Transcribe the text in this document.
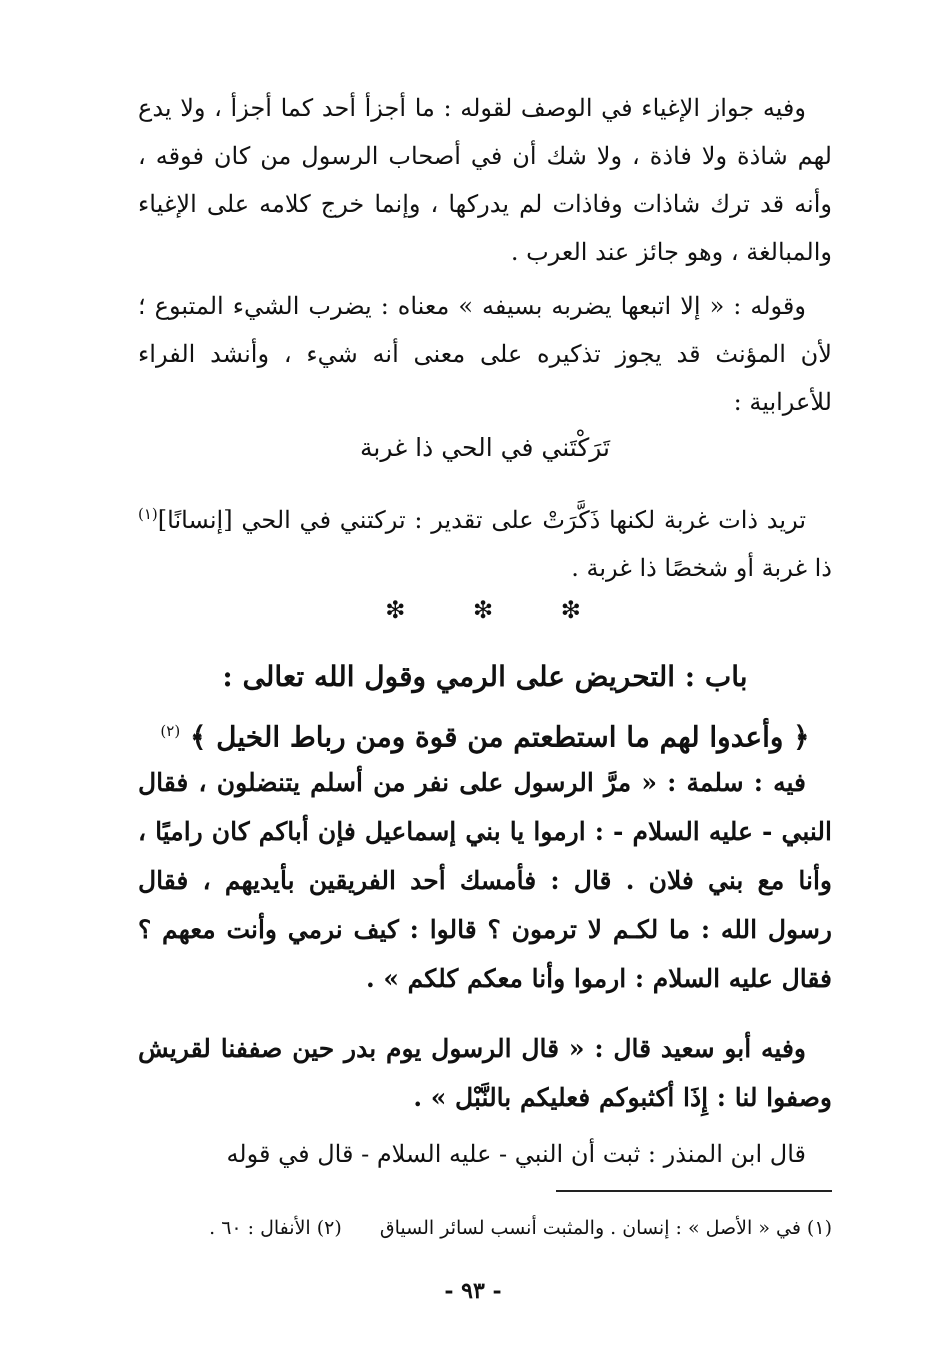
وفيه جواز الإغياء في الوصف لقوله : ما أجزأ أحد كما أجزأ ، ولا يدع لهم شاذة ولا فاذة ، ولا شك أن في أصحاب الرسول من كان فوقه ، وأنه قد ترك شاذات وفاذات لم يدركها ، وإنما خرج كلامه على الإغياء والمبالغة ، وهو جائز عند العرب .

وقوله : « إلا اتبعها يضربه بسيفه » معناه : يضرب الشيء المتبوع ؛ لأن المؤنث قد يجوز تذكيره على معنى أنه شيء ، وأنشد الفراء للأعرابية :

تَرَكْتَني في الحي ذا غربة

تريد ذات غربة لكنها ذَكَّرَتْ على تقدير : تركتني في الحي [إنسانًا]$^{(١)}$ ذا غربة أو شخصًا ذا غربة .

❇ ❇ ❇
باب : التحريض على الرمي وقول الله تعالى :
﴿ وأعدوا لهم ما استطعتم من قوة ومن رباط الخيل ﴾ $^{(٢)}$

فيه : سلمة : « مرَّ الرسول على نفر من أسلم يتنضلون ، فقال النبي - عليه السلام - : ارموا يا بني إسماعيل فإن أباكم كان راميًا ، وأنا مع بني فلان . قال : فأمسك أحد الفريقين بأيديهم ، فقال رسول الله : ما لكـم لا ترمون ؟ قالوا : كيف نرمي وأنت معهم ؟ فقال عليه السلام : ارموا وأنا معكم كلكم » .

وفيه أبو سعيد قال : « قال الرسول يوم بدر حين صففنا لقريش وصفوا لنا : إِذَا أكثبوكم فعليكم بالنَّبْل » .

قال ابن المنذر : ثبت أن النبي - عليه السلام - قال في قوله

(١) في « الأصل » : إنسان . والمثبت أنسب لسائر السياق  (٢) الأنفال : ٦٠ .
- ٩٣ -
